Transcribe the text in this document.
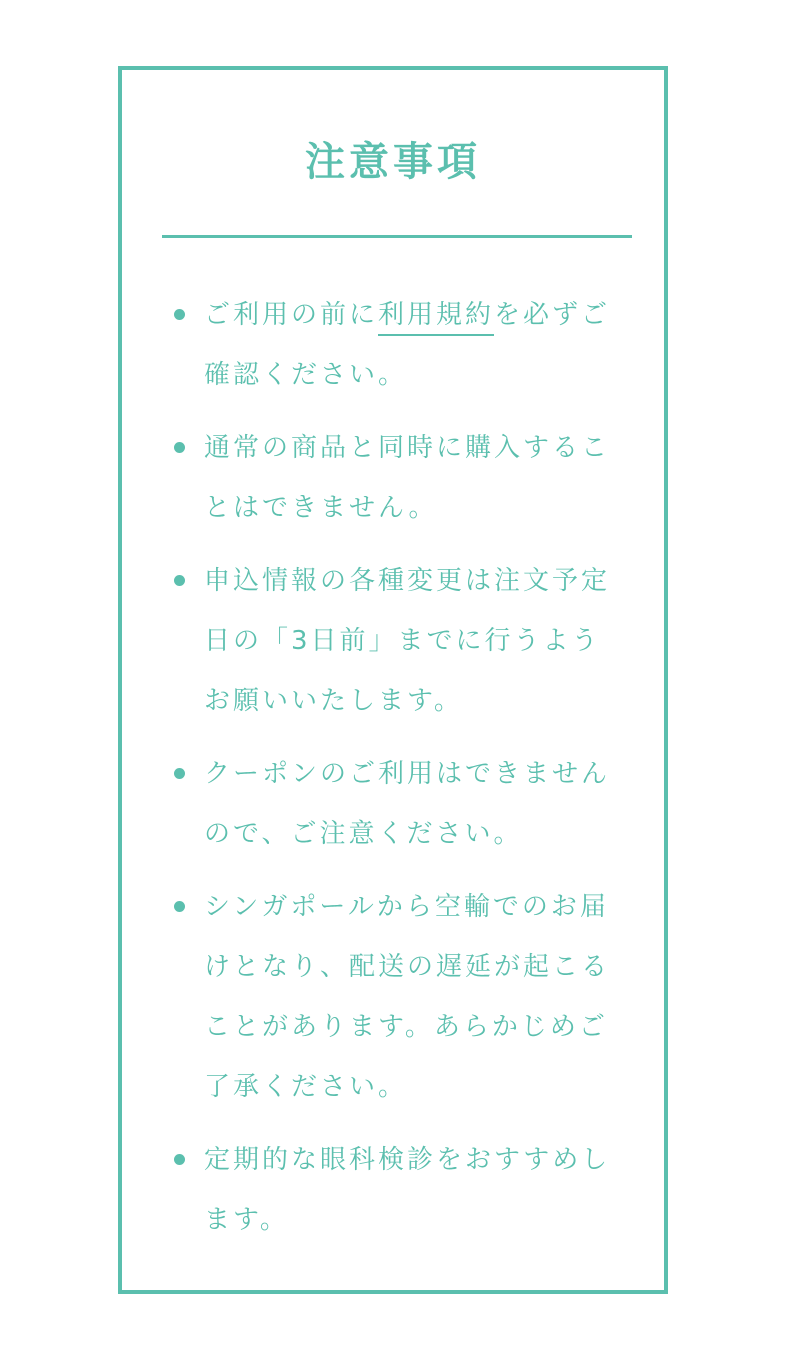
注意事項
ご利用の前に利用規約を必ずご確認ください。
通常の商品と同時に購入することはできません。
申込情報の各種変更は注文予定日の「3日前」までに行うようお願いいたします。
クーポンのご利用はできませんので、ご注意ください。
シンガポールから空輸でのお届けとなり、配送の遅延が起こることがあります。あらかじめご了承ください。
定期的な眼科検診をおすすめします。
